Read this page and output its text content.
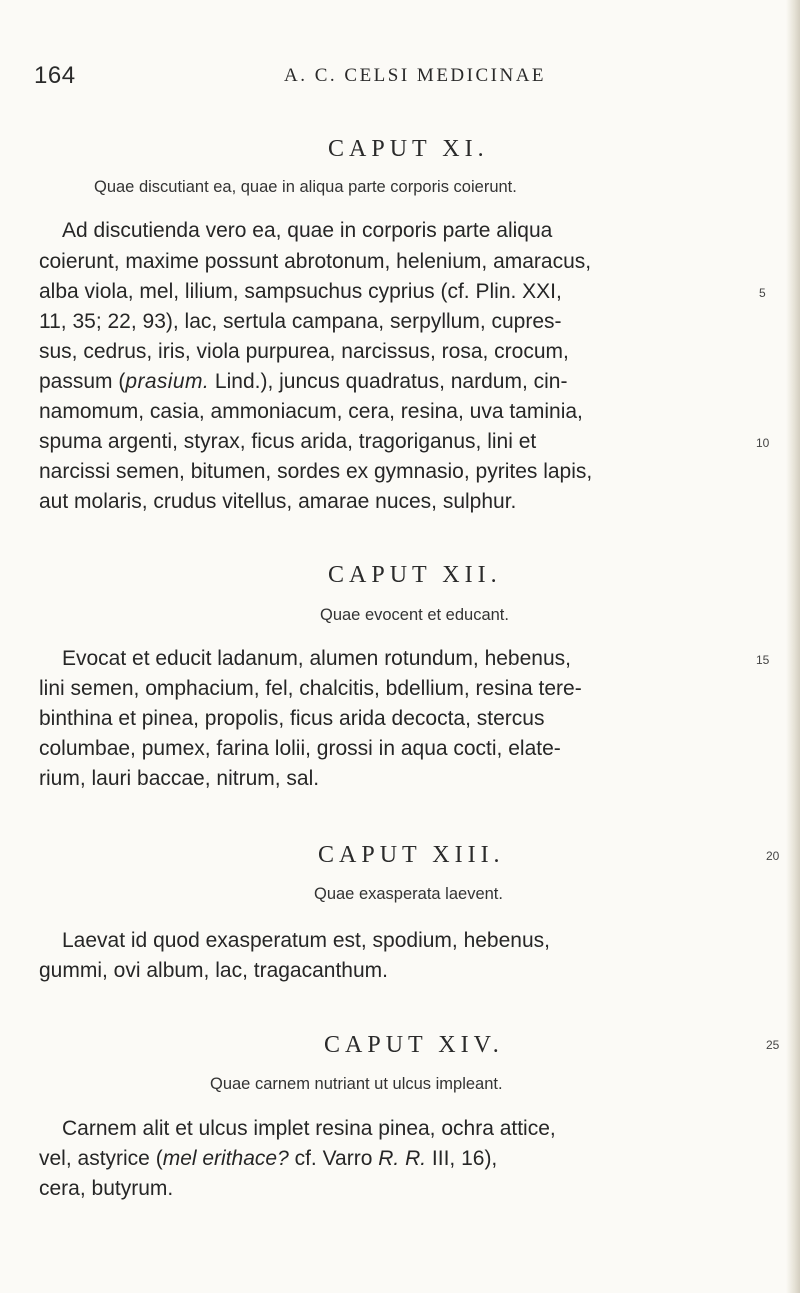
164	A. C. CELSI MEDICINAE
CAPUT XI.
Quae discutiant ea, quae in aliqua parte corporis coierunt.
Ad discutienda vero ea, quae in corporis parte aliqua
coierunt, maxime possunt abrotonum, helenium, amaracus,
alba viola, mel, lilium, sampsuchus cyprius (cf. Plin. XXI,
11, 35; 22, 93), lac, sertula campana, serpyllum, cupres-
sus, cedrus, iris, viola purpurea, narcissus, rosa, crocum,
passum (prasium. Lind.), juncus quadratus, nardum, cin-
namomum, casia, ammoniacum, cera, resina, uva taminia,
spuma argenti, styrax, ficus arida, tragoriganus, lini et
narcissi semen, bitumen, sordes ex gymnasio, pyrites lapis,
aut molaris, crudus vitellus, amarae nuces, sulphur.
CAPUT XII.
Quae evocent et educant.
Evocat et educit ladanum, alumen rotundum, hebenus,
lini semen, omphacium, fel, chalcitis, bdellium, resina tere-
binthina et pinea, propolis, ficus arida decocta, stercus
columbae, pumex, farina lolii, grossi in aqua cocti, elate-
rium, lauri baccae, nitrum, sal.
CAPUT XIII.
Quae exasperata laevent.
Laevat id quod exasperatum est, spodium, hebenus,
gummi, ovi album, lac, tragacanthum.
CAPUT XIV.
Quae carnem nutriant ut ulcus impleant.
Carnem alit et ulcus implet resina pinea, ochra attice,
vel, astyrice (mel erithace? cf. Varro R. R. III, 16),
cera, butyrum.
5
10
15
20
25
